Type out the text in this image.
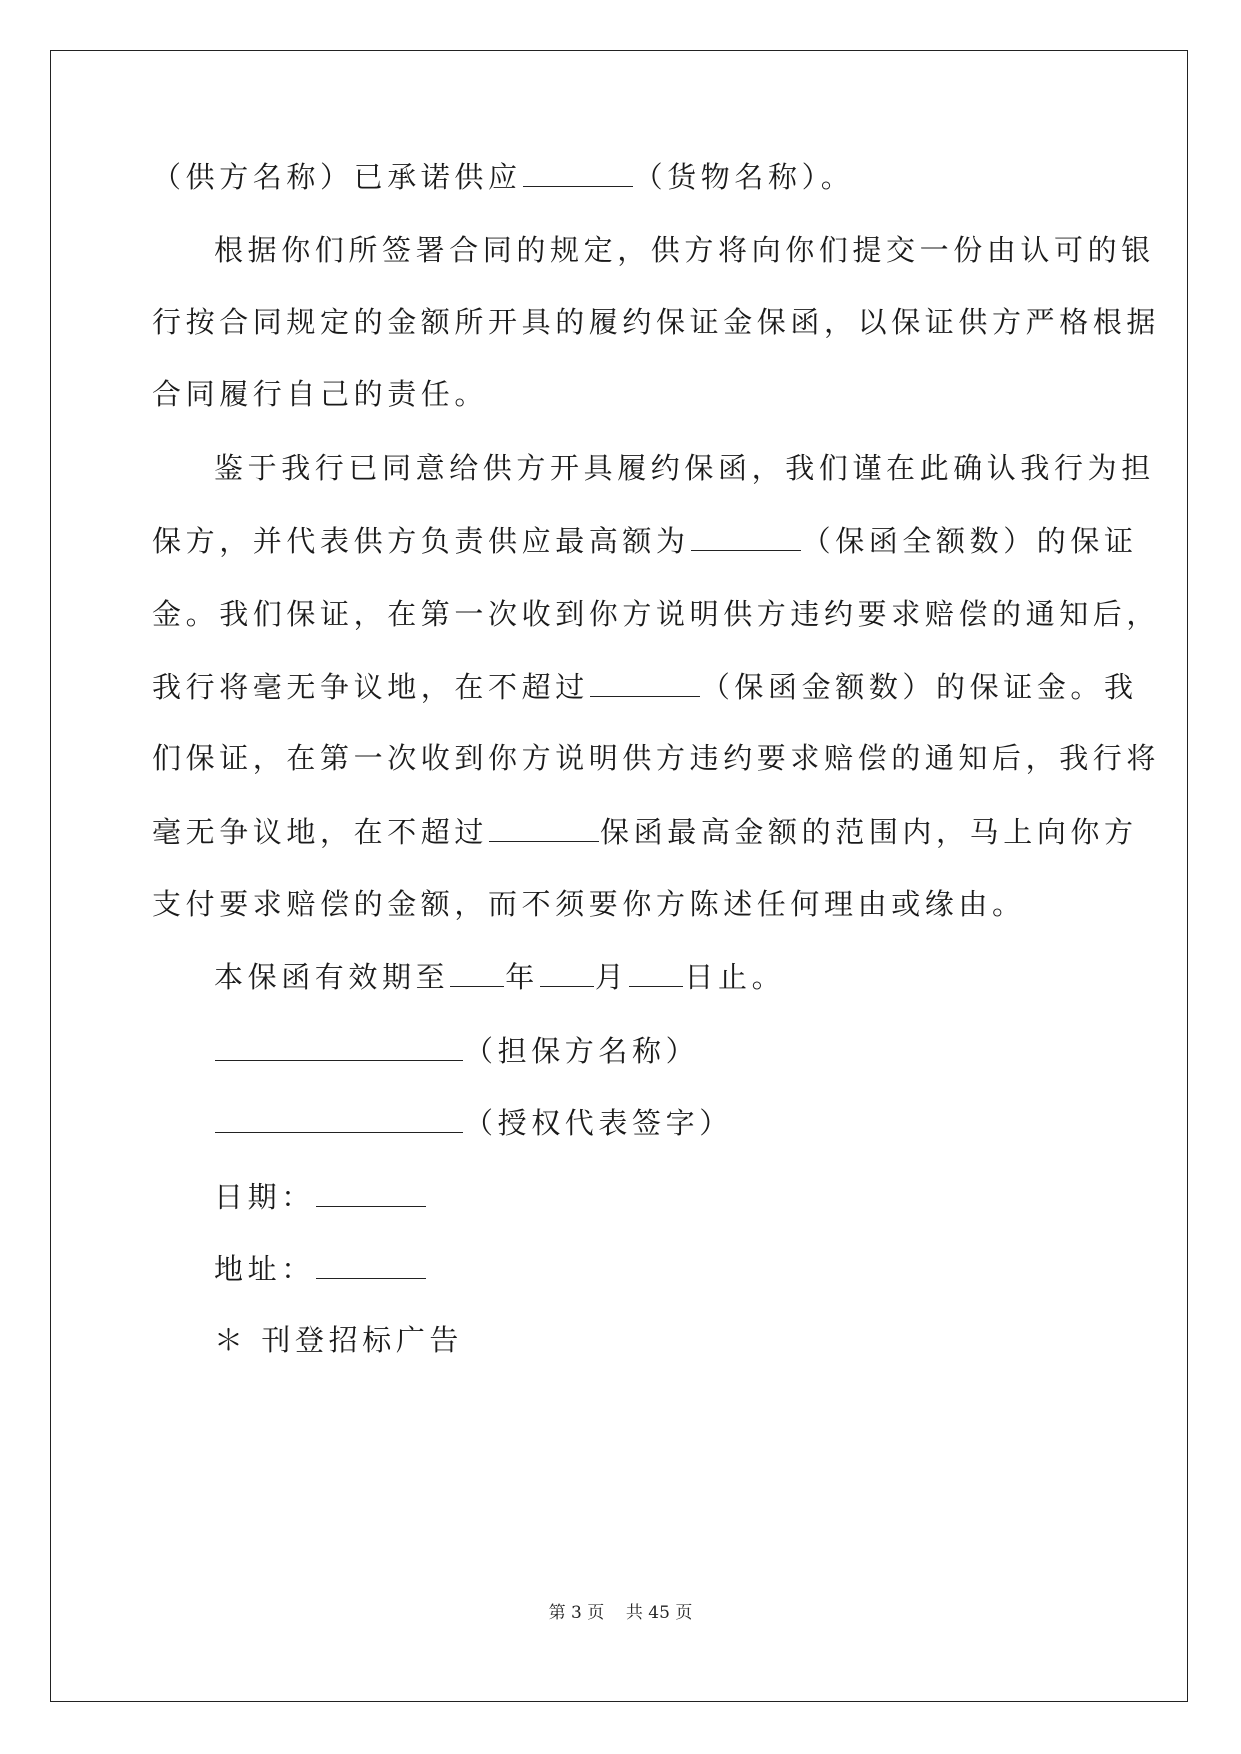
（供方名称）已承诺供应	（货物名称）。
根据你们所签署合同的规定，供方将向你们提交一份由认可的银
行按合同规定的金额所开具的履约保证金保函，以保证供方严格根据
合同履行自己的责任。
鉴于我行已同意给供方开具履约保函，我们谨在此确认我行为担
保方，并代表供方负责供应最高额为	（保函全额数）的保证
金。我们保证，在第一次收到你方说明供方违约要求赔偿的通知后，
我行将毫无争议地，在不超过	（保函金额数）的保证金。我
们保证，在第一次收到你方说明供方违约要求赔偿的通知后，我行将
毫无争议地，在不超过	保函最高金额的范围内，马上向你方
支付要求赔偿的金额，而不须要你方陈述任何理由或缘由。
本保函有效期至 年 月 日止。
（担保方名称）
（授权代表签字）
日期：
地址：
＊ 刊登招标广告
第 3 页    共 45 页
